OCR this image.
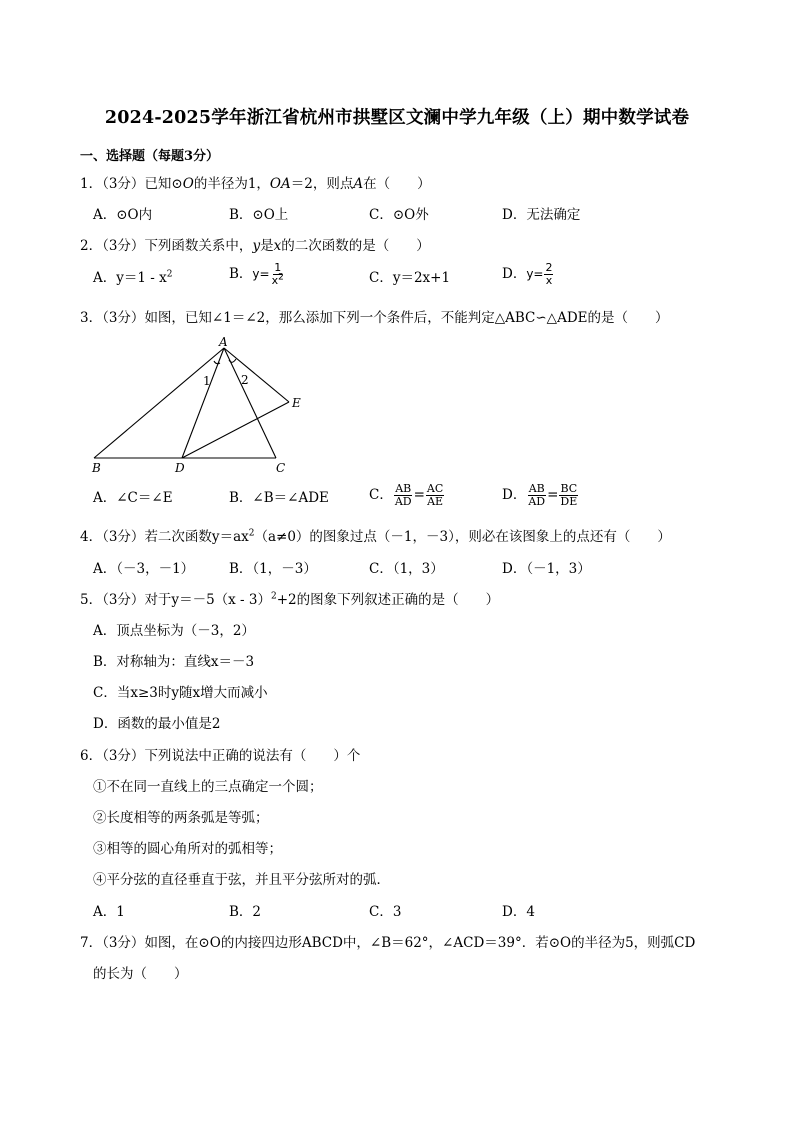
2024-2025学年浙江省杭州市拱墅区文澜中学九年级（上）期中数学试卷
一、选择题（每题3分）
1．（3分）已知⊙O的半径为1，OA＝2，则点A在（　　）
A．⊙O内	B．⊙O上	C．⊙O外	D．无法确定
2．（3分）下列函数关系中，y是x的二次函数的是（　　）
A．$y=1 - x^2$	B．$y= \frac{1}{x^2}$	C．y＝2x+1	D．$y= \frac{2}{x}$
3．（3分）如图，已知∠1＝∠2，那么添加下列一个条件后，不能判定△ABC∽△ADE的是（　　）
A
B	C
D
E
1	2
A．∠C＝∠E	B．∠B＝∠ADE	C． $\frac{AB}{AD} = \frac{AC}{AE}$	D． $\frac{AB}{AD} = \frac{BC}{DE}$
4．（3分）若二次函数$y=ax^2(a\ne 0)$的图象过点（－1，－3），则必在该图象上的点还有（　　）
A．（－3，－1）	B．（1，－3）	C．（1，3）	D．（－1，3）
5．（3分）对于y＝－5（x - 3）$^2$+2的图象下列叙述正确的是（　　）
A．顶点坐标为（－3，2）
B．对称轴为：直线x＝－3
C．当x≥3时y随x增大而减小
D．函数的最小值是2
6．（3分）下列说法中正确的说法有（　　）个
①不在同一直线上的三点确定一个圆；
②长度相等的两条弧是等弧；
③相等的圆心角所对的弧相等；
④平分弦的直径垂直于弦，并且平分弦所对的弧．
A．1	B．2	C．3	D．4
7．（3分）如图，在⊙O的内接四边形ABCD中，∠B＝62°，∠ACD＝39°．若⊙O的半径为5，则弧CD
的长为（　　）
